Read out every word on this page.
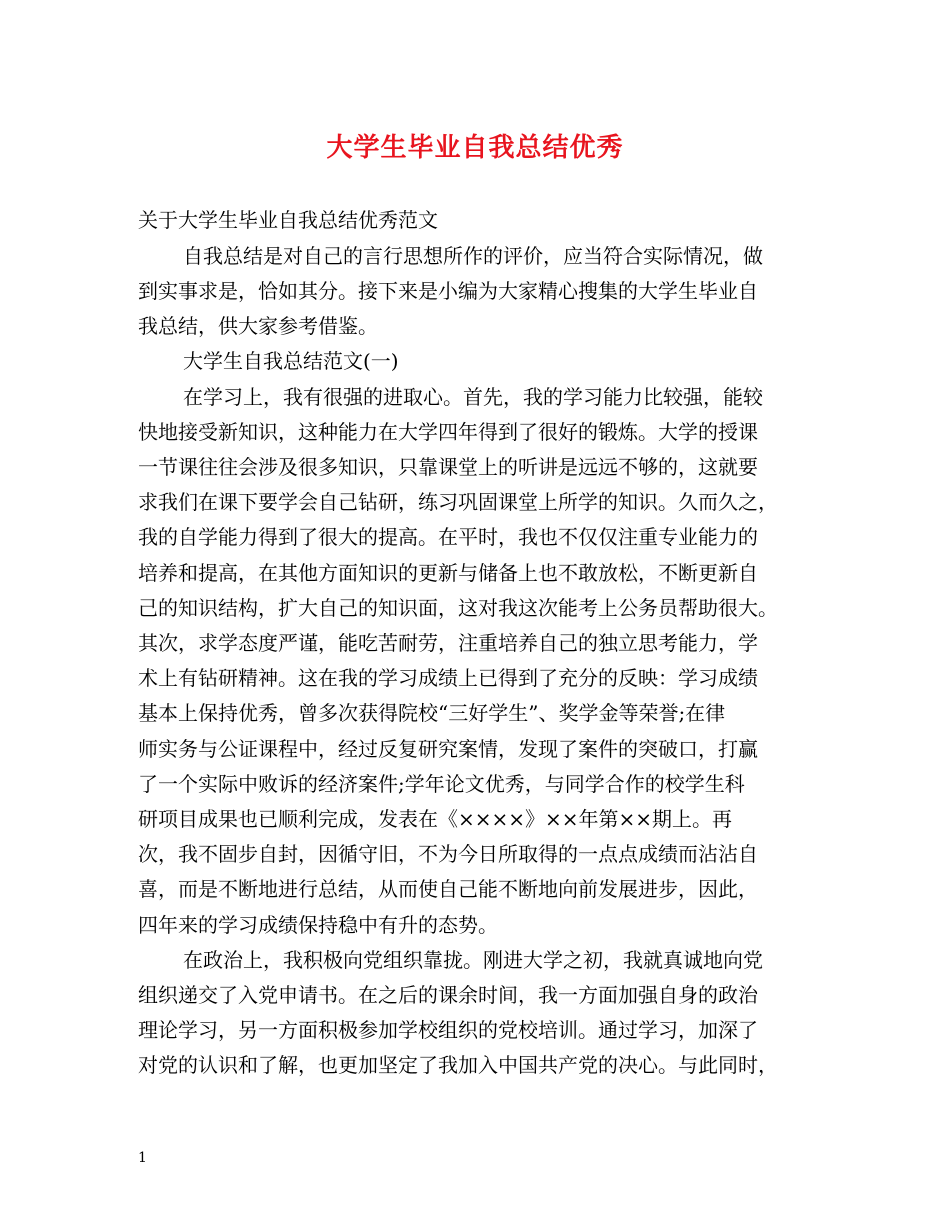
大学生毕业自我总结优秀
关于大学生毕业自我总结优秀范文
自我总结是对自己的言行思想所作的评价，应当符合实际情况，做
到实事求是，恰如其分。接下来是小编为大家精心搜集的大学生毕业自
我总结，供大家参考借鉴。
大学生自我总结范文(一)
在学习上，我有很强的进取心。首先，我的学习能力比较强，能较
快地接受新知识，这种能力在大学四年得到了很好的锻炼。大学的授课
一节课往往会涉及很多知识，只靠课堂上的听讲是远远不够的，这就要
求我们在课下要学会自己钻研，练习巩固课堂上所学的知识。久而久之，
我的自学能力得到了很大的提高。在平时，我也不仅仅注重专业能力的
培养和提高，在其他方面知识的更新与储备上也不敢放松，不断更新自
己的知识结构，扩大自己的知识面，这对我这次能考上公务员帮助很大。
其次，求学态度严谨，能吃苦耐劳，注重培养自己的独立思考能力，学
术上有钻研精神。这在我的学习成绩上已得到了充分的反映：学习成绩
基本上保持优秀，曾多次获得院校“三好学生”、奖学金等荣誉;在律
师实务与公证课程中，经过反复研究案情，发现了案件的突破口，打赢
了一个实际中败诉的经济案件;学年论文优秀，与同学合作的校学生科
研项目成果也已顺利完成，发表在《××××》××年第××期上。再
次，我不固步自封，因循守旧，不为今日所取得的一点点成绩而沾沾自
喜，而是不断地进行总结，从而使自己能不断地向前发展进步，因此，
四年来的学习成绩保持稳中有升的态势。
在政治上，我积极向党组织靠拢。刚进大学之初，我就真诚地向党
组织递交了入党申请书。在之后的课余时间，我一方面加强自身的政治
理论学习，另一方面积极参加学校组织的党校培训。通过学习，加深了
对党的认识和了解，也更加坚定了我加入中国共产党的决心。与此同时，
1
